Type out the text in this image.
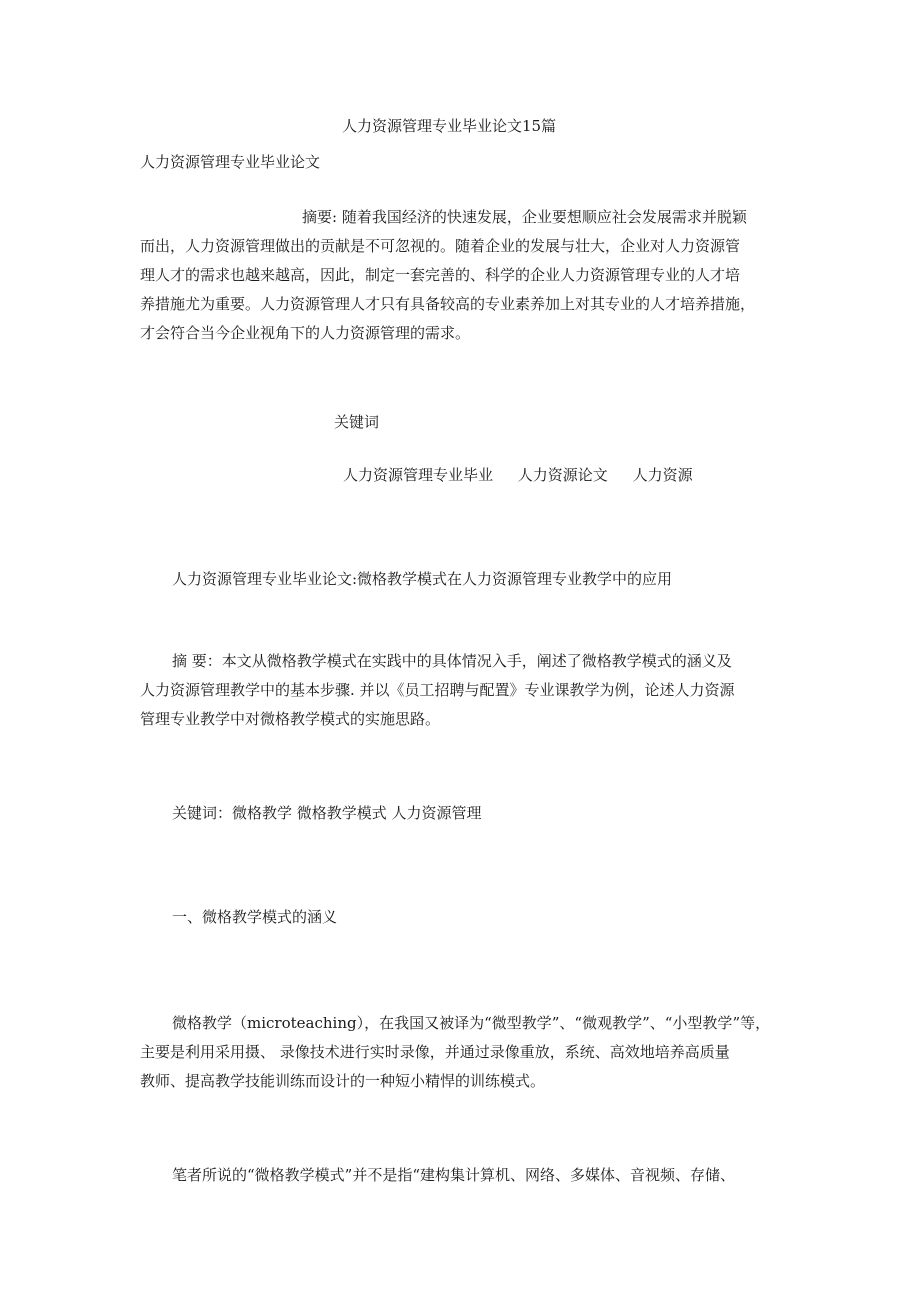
人力资源管理专业毕业论文15篇
人力资源管理专业毕业论文
摘要: 随着我国经济的快速发展，企业要想顺应社会发展需求并脱颖
而出，人力资源管理做出的贡献是不可忽视的。随着企业的发展与壮大，企业对人力资源管
理人才的需求也越来越高，因此，制定一套完善的、科学的企业人力资源管理专业的人才培
养措施尤为重要。人力资源管理人才只有具备较高的专业素养加上对其专业的人才培养措施，
才会符合当今企业视角下的人力资源管理的需求。
关键词
人力资源管理专业毕业 人力资源论文 人力资源
人力资源管理专业毕业论文:微格教学模式在人力资源管理专业教学中的应用
摘 要：本文从微格教学模式在实践中的具体情况入手，阐述了微格教学模式的涵义及
人力资源管理教学中的基本步骤. 并以《员工招聘与配置》专业课教学为例，论述人力资源
管理专业教学中对微格教学模式的实施思路。
关键词：微格教学 微格教学模式 人力资源管理
一、微格教学模式的涵义
微格教学（microteaching），在我国又被译为“微型教学”、“微观教学”、“小型教学”等，
主要是利用采用摄、 录像技术进行实时录像，并通过录像重放，系统、高效地培养高质量
教师、提高教学技能训练而设计的一种短小精悍的训练模式。
笔者所说的“微格教学模式”并不是指“建构集计算机、网络、多媒体、音视频、存储、
